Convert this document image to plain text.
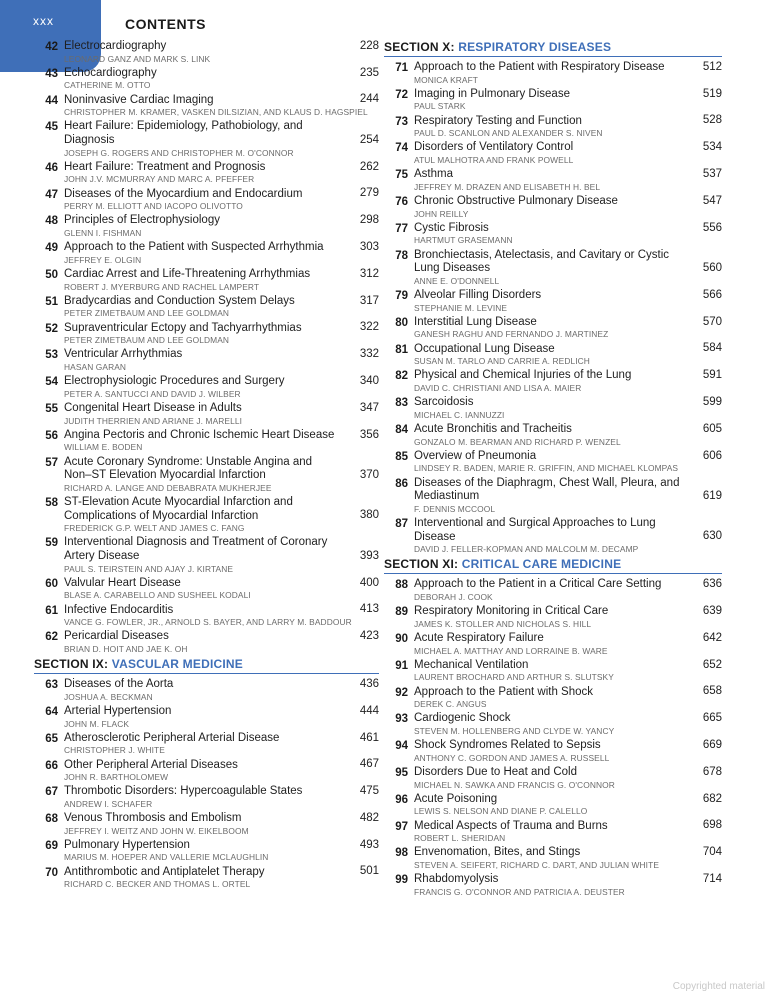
xxx	CONTENTS
42 Electrocardiography
LEONARD GANZ AND MARK S. LINK
228
43 Echocardiography
CATHERINE M. OTTO
235
44 Noninvasive Cardiac Imaging
CHRISTOPHER M. KRAMER, VASKEN DILSIZIAN, AND KLAUS D. HAGSPIEL
244
45 Heart Failure: Epidemiology, Pathobiology, and Diagnosis
JOSEPH G. ROGERS AND CHRISTOPHER M. O'CONNOR
254
46 Heart Failure: Treatment and Prognosis
JOHN J.V. MCMURRAY AND MARC A. PFEFFER
262
47 Diseases of the Myocardium and Endocardium
PERRY M. ELLIOTT AND IACOPO OLIVOTTO
279
48 Principles of Electrophysiology
GLENN I. FISHMAN
298
49 Approach to the Patient with Suspected Arrhythmia
JEFFREY E. OLGIN
303
50 Cardiac Arrest and Life-Threatening Arrhythmias
ROBERT J. MYERBURG AND RACHEL LAMPERT
312
51 Bradycardias and Conduction System Delays
PETER ZIMETBAUM AND LEE GOLDMAN
317
52 Supraventricular Ectopy and Tachyarrhythmias
PETER ZIMETBAUM AND LEE GOLDMAN
322
53 Ventricular Arrhythmias
HASAN GARAN
332
54 Electrophysiologic Procedures and Surgery
PETER A. SANTUCCI AND DAVID J. WILBER
340
55 Congenital Heart Disease in Adults
JUDITH THERRIEN AND ARIANE J. MARELLI
347
56 Angina Pectoris and Chronic Ischemic Heart Disease
WILLIAM E. BODEN
356
57 Acute Coronary Syndrome: Unstable Angina and Non–ST Elevation Myocardial Infarction
RICHARD A. LANGE AND DEBABRATA MUKHERJEE
370
58 ST-Elevation Acute Myocardial Infarction and Complications of Myocardial Infarction
FREDERICK G.P. WELT AND JAMES C. FANG
380
59 Interventional Diagnosis and Treatment of Coronary Artery Disease
PAUL S. TEIRSTEIN AND AJAY J. KIRTANE
393
60 Valvular Heart Disease
BLASE A. CARABELLO AND SUSHEEL KODALI
400
61 Infective Endocarditis
VANCE G. FOWLER, JR., ARNOLD S. BAYER, AND LARRY M. BADDOUR
413
62 Pericardial Diseases
BRIAN D. HOIT AND JAE K. OH
423
SECTION IX: VASCULAR MEDICINE
63 Diseases of the Aorta
JOSHUA A. BECKMAN
436
64 Arterial Hypertension
JOHN M. FLACK
444
65 Atherosclerotic Peripheral Arterial Disease
CHRISTOPHER J. WHITE
461
66 Other Peripheral Arterial Diseases
JOHN R. BARTHOLOMEW
467
67 Thrombotic Disorders: Hypercoagulable States
ANDREW I. SCHAFER
475
68 Venous Thrombosis and Embolism
JEFFREY I. WEITZ AND JOHN W. EIKELBOOM
482
69 Pulmonary Hypertension
MARIUS M. HOEPER AND VALLERIE MCLAUGHLIN
493
70 Antithrombotic and Antiplatelet Therapy
RICHARD C. BECKER AND THOMAS L. ORTEL
501
SECTION X: RESPIRATORY DISEASES
71 Approach to the Patient with Respiratory Disease
MONICA KRAFT
512
72 Imaging in Pulmonary Disease
PAUL STARK
519
73 Respiratory Testing and Function
PAUL D. SCANLON AND ALEXANDER S. NIVEN
528
74 Disorders of Ventilatory Control
ATUL MALHOTRA AND FRANK POWELL
534
75 Asthma
JEFFREY M. DRAZEN AND ELISABETH H. BEL
537
76 Chronic Obstructive Pulmonary Disease
JOHN REILLY
547
77 Cystic Fibrosis
HARTMUT GRASEMANN
556
78 Bronchiectasis, Atelectasis, and Cavitary or Cystic Lung Diseases
ANNE E. O'DONNELL
560
79 Alveolar Filling Disorders
STEPHANIE M. LEVINE
566
80 Interstitial Lung Disease
GANESH RAGHU AND FERNANDO J. MARTINEZ
570
81 Occupational Lung Disease
SUSAN M. TARLO AND CARRIE A. REDLICH
584
82 Physical and Chemical Injuries of the Lung
DAVID C. CHRISTIANI AND LISA A. MAIER
591
83 Sarcoidosis
MICHAEL C. IANNUZZI
599
84 Acute Bronchitis and Tracheitis
GONZALO M. BEARMAN AND RICHARD P. WENZEL
605
85 Overview of Pneumonia
LINDSEY R. BADEN, MARIE R. GRIFFIN, AND MICHAEL KLOMPAS
606
86 Diseases of the Diaphragm, Chest Wall, Pleura, and Mediastinum
F. DENNIS MCCOOL
619
87 Interventional and Surgical Approaches to Lung Disease
DAVID J. FELLER-KOPMAN AND MALCOLM M. DECAMP
630
SECTION XI: CRITICAL CARE MEDICINE
88 Approach to the Patient in a Critical Care Setting
DEBORAH J. COOK
636
89 Respiratory Monitoring in Critical Care
JAMES K. STOLLER AND NICHOLAS S. HILL
639
90 Acute Respiratory Failure
MICHAEL A. MATTHAY AND LORRAINE B. WARE
642
91 Mechanical Ventilation
LAURENT BROCHARD AND ARTHUR S. SLUTSKY
652
92 Approach to the Patient with Shock
DEREK C. ANGUS
658
93 Cardiogenic Shock
STEVEN M. HOLLENBERG AND CLYDE W. YANCY
665
94 Shock Syndromes Related to Sepsis
ANTHONY C. GORDON AND JAMES A. RUSSELL
669
95 Disorders Due to Heat and Cold
MICHAEL N. SAWKA AND FRANCIS G. O'CONNOR
678
96 Acute Poisoning
LEWIS S. NELSON AND DIANE P. CALELLO
682
97 Medical Aspects of Trauma and Burns
ROBERT L. SHERIDAN
698
98 Envenomation, Bites, and Stings
STEVEN A. SEIFERT, RICHARD C. DART, AND JULIAN WHITE
704
99 Rhabdomyolysis
FRANCIS G. O'CONNOR AND PATRICIA A. DEUSTER
714
Copyrighted material
